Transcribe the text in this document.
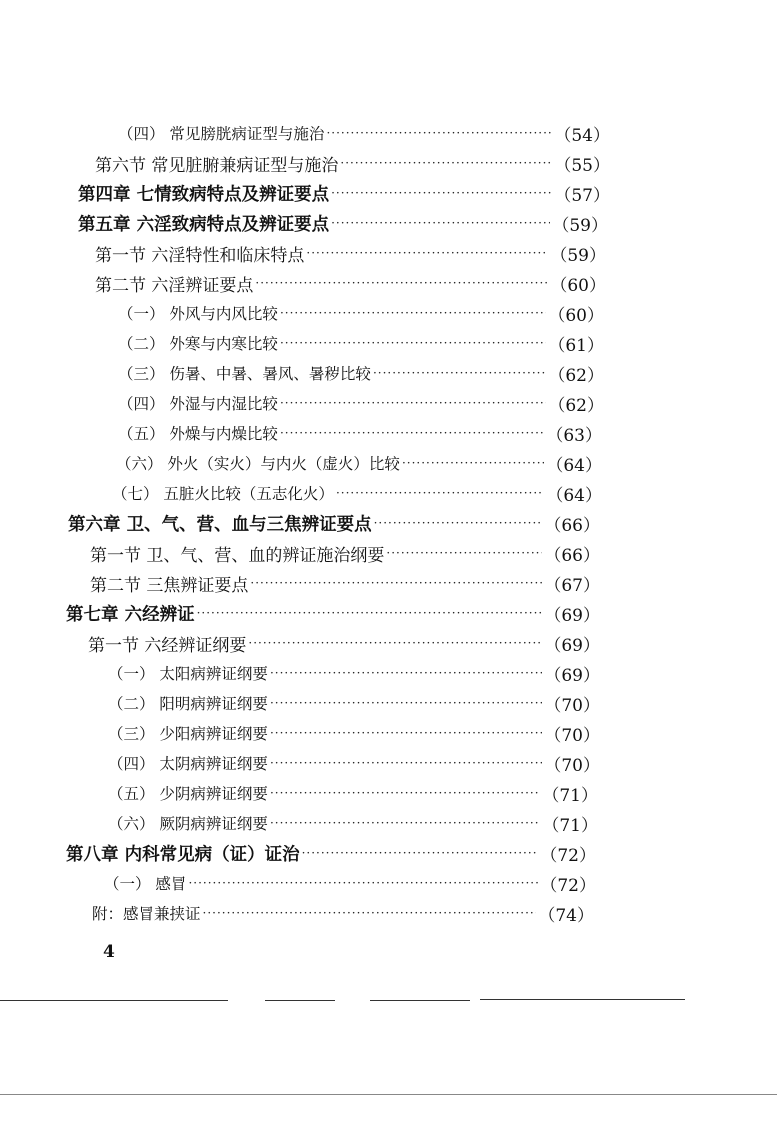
（四） 常见膀胱病证型与施治 ·····	（54）
第六节 常见脏腑兼病证型与施治 ·····	（55）
第四章 七情致病特点及辨证要点 ·····	（57）
第五章 六淫致病特点及辨证要点 ·····	（59）
第一节 六淫特性和临床特点 ·····	（59）
第二节 六淫辨证要点 ·····	（60）
（一） 外风与内风比较 ·····	（60）
（二） 外寒与内寒比较 ·····	（61）
（三） 伤暑、中暑、暑风、暑秽比较 ·····	（62）
（四） 外湿与内湿比较 ·····	（62）
（五） 外燥与内燥比较 ·····	（63）
（六） 外火（实火）与内火（虚火）比较 ·····	（64）
（七） 五脏火比较（五志化火） ·····	（64）
第六章 卫、气、营、血与三焦辨证要点 ·····	（66）
第一节 卫、气、营、血的辨证施治纲要 ·····	（66）
第二节 三焦辨证要点 ·····	（67）
第七章 六经辨证 ·····	（69）
第一节 六经辨证纲要 ·····	（69）
（一） 太阳病辨证纲要 ·····	（69）
（二） 阳明病辨证纲要 ·····	（70）
（三） 少阳病辨证纲要 ·····	（70）
（四） 太阴病辨证纲要 ·····	（70）
（五） 少阴病辨证纲要 ·····	（71）
（六） 厥阴病辨证纲要 ·····	（71）
第八章 内科常见病（证）证治 ·····	（72）
（一） 感冒 ·····	（72）
附：感冒兼挟证 ·····	（74）
4
